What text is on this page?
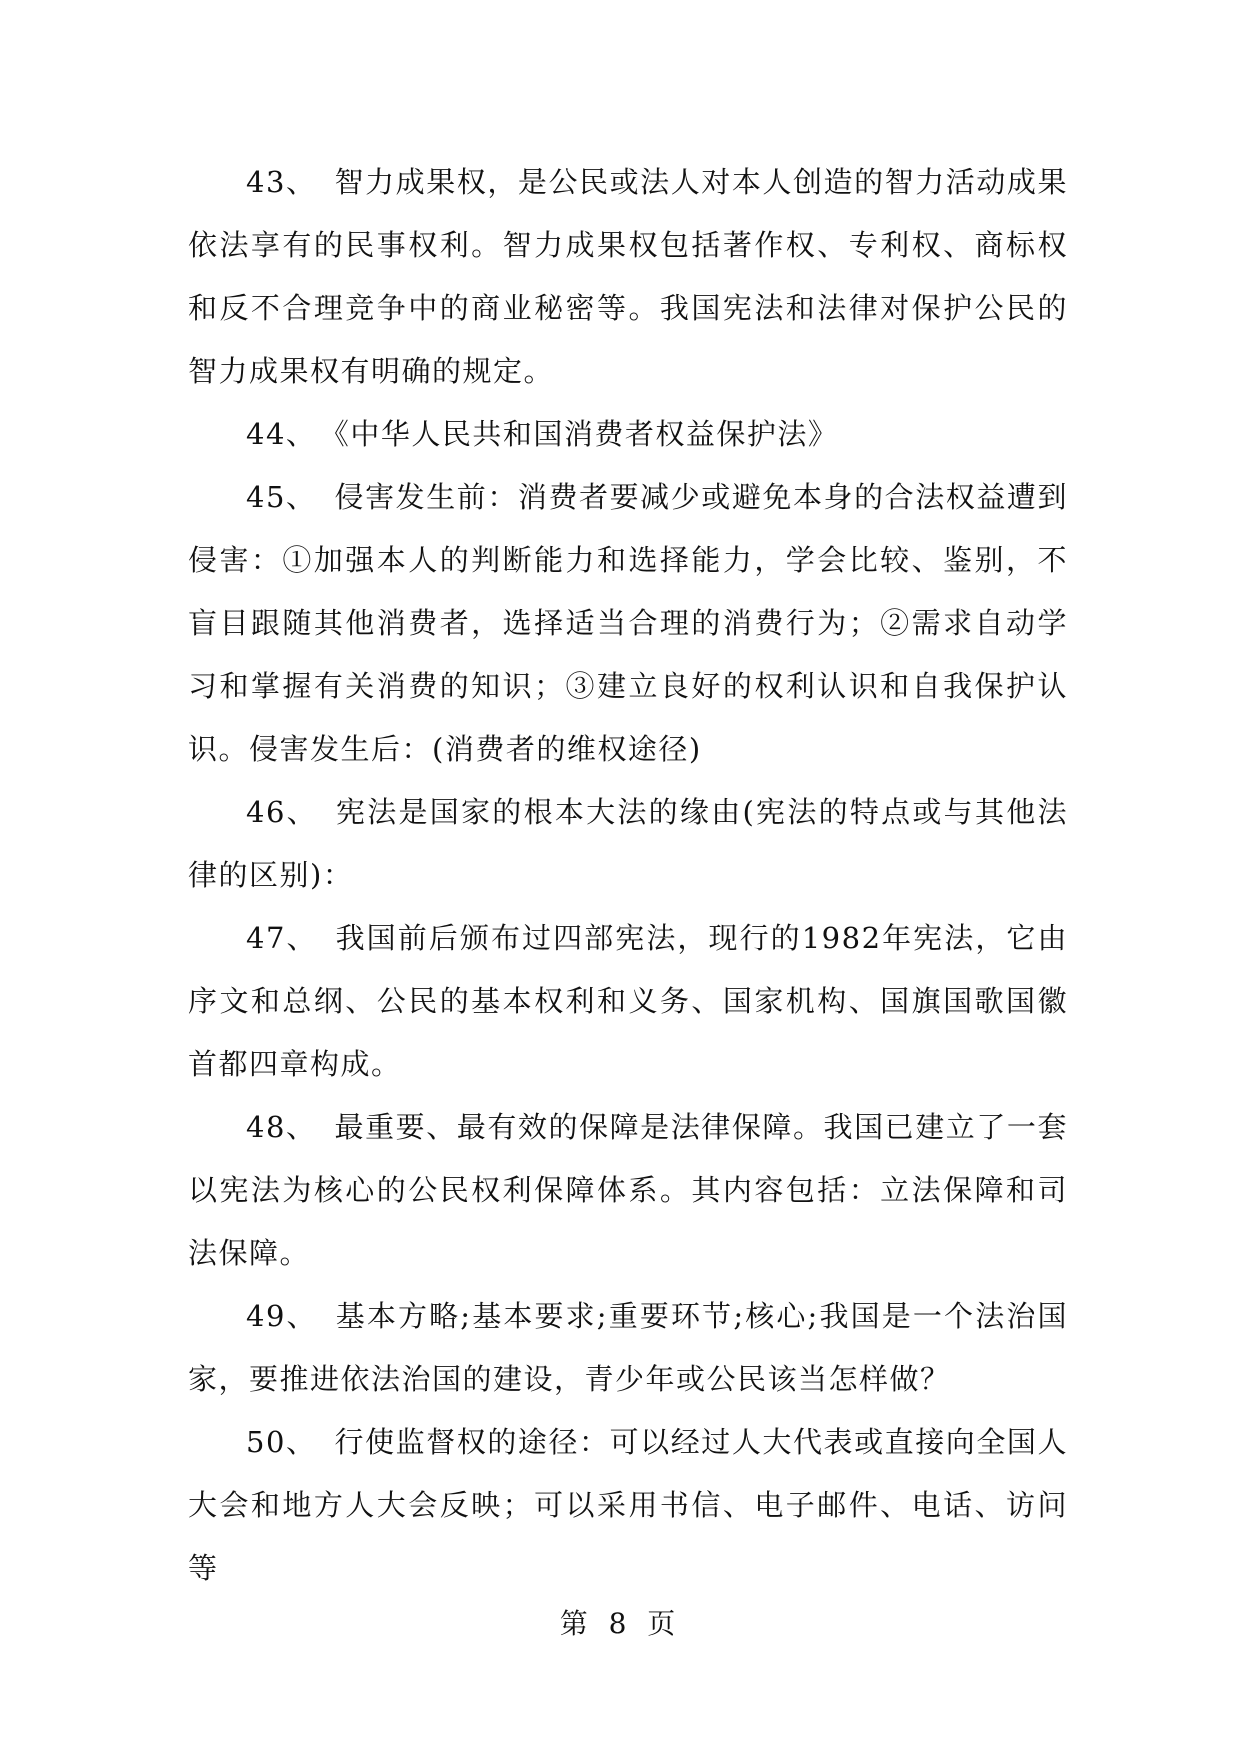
43、 智力成果权，是公民或法人对本人创造的智力活动成果依法享有的民事权利。智力成果权包括著作权、专利权、商标权和反不合理竞争中的商业秘密等。我国宪法和法律对保护公民的智力成果权有明确的规定。

44、 《中华人民共和国消费者权益保护法》

45、 侵害发生前：消费者要减少或避免本身的合法权益遭到侵害：①加强本人的判断能力和选择能力，学会比较、鉴别，不盲目跟随其他消费者，选择适当合理的消费行为；②需求自动学习和掌握有关消费的知识；③建立良好的权利认识和自我保护认识。侵害发生后：(消费者的维权途径)

46、 宪法是国家的根本大法的缘由(宪法的特点或与其他法律的区别)：

47、 我国前后颁布过四部宪法，现行的1982年宪法，它由序文和总纲、公民的基本权利和义务、国家机构、国旗国歌国徽首都四章构成。

48、 最重要、最有效的保障是法律保障。我国已建立了一套以宪法为核心的公民权利保障体系。其内容包括：立法保障和司法保障。

49、 基本方略;基本要求;重要环节;核心;我国是一个法治国家，要推进依法治国的建设，青少年或公民该当怎样做？

50、 行使监督权的途径：可以经过人大代表或直接向全国人大会和地方人大会反映；可以采用书信、电子邮件、电话、访问等

第 8 页
